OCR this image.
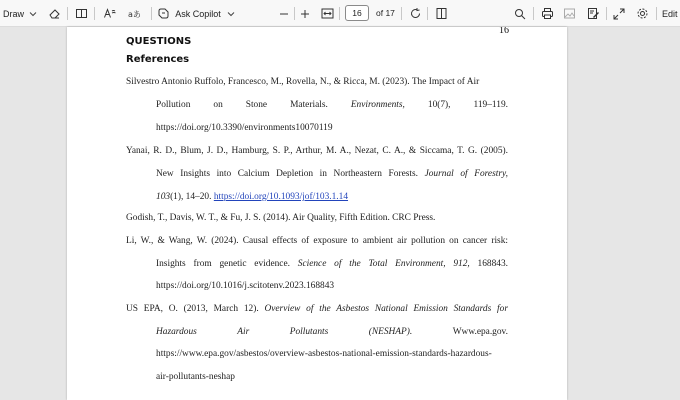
Draw	aあ	Ask Copilot
16	of 17	Edit
16
QUESTIONS
References
Silvestro Antonio Ruffolo, Francesco, M., Rovella, N., & Ricca, M. (2023). The Impact of Air
Pollution on Stone Materials. Environments, 10(7), 119–119.
https://doi.org/10.3390/environments10070119
Yanai, R. D., Blum, J. D., Hamburg, S. P., Arthur, M. A., Nezat, C. A., & Siccama, T. G. (2005).
New Insights into Calcium Depletion in Northeastern Forests. Journal of Forestry,
103(1), 14–20. https://doi.org/10.1093/jof/103.1.14
Godish, T., Davis, W. T., & Fu, J. S. (2014). Air Quality, Fifth Edition. CRC Press.
Li, W., & Wang, W. (2024). Causal effects of exposure to ambient air pollution on cancer risk:
Insights from genetic evidence. Science of the Total Environment, 912, 168843.
https://doi.org/10.1016/j.scitotenv.2023.168843
US EPA, O. (2013, March 12). Overview of the Asbestos National Emission Standards for
Hazardous	Air	Pollutants	(NESHAP).	Www.epa.gov.
https://www.epa.gov/asbestos/overview-asbestos-national-emission-standards-hazardous-
air-pollutants-neshap
